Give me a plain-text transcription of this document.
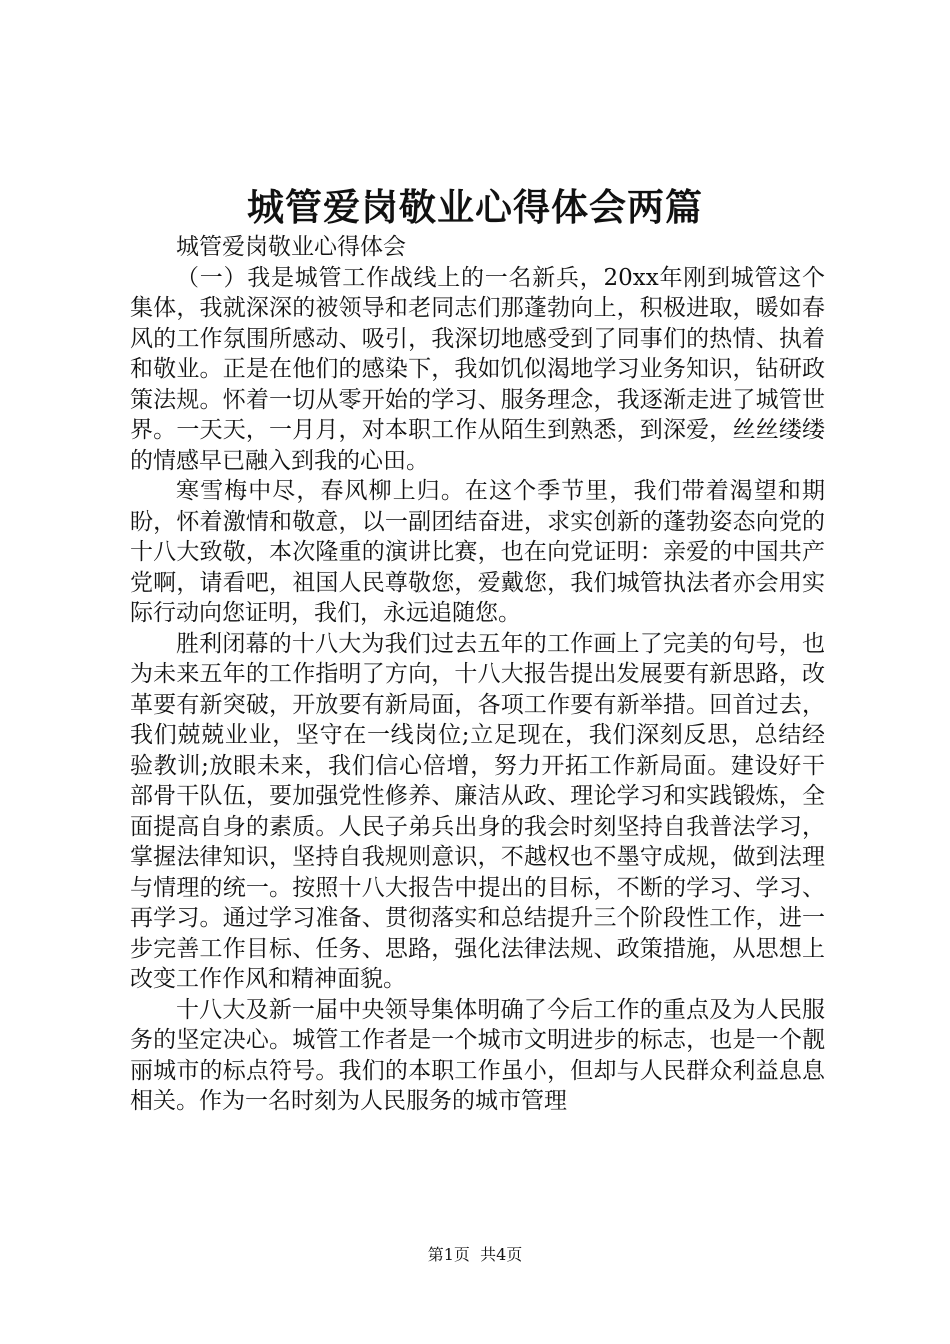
城管爱岗敬业心得体会两篇

城管爱岗敬业心得体会

（一）我是城管工作战线上的一名新兵，20xx年刚到城管这个集体，我就深深的被领导和老同志们那蓬勃向上，积极进取，暖如春风的工作氛围所感动、吸引，我深切地感受到了同事们的热情、执着和敬业。正是在他们的感染下，我如饥似渴地学习业务知识，钻研政策法规。怀着一切从零开始的学习、服务理念，我逐渐走进了城管世界。一天天，一月月，对本职工作从陌生到熟悉，到深爱，丝丝缕缕的情感早已融入到我的心田。

寒雪梅中尽，春风柳上归。在这个季节里，我们带着渴望和期盼，怀着激情和敬意，以一副团结奋进，求实创新的蓬勃姿态向党的十八大致敬，本次隆重的演讲比赛，也在向党证明：亲爱的中国共产党啊，请看吧，祖国人民尊敬您，爱戴您，我们城管执法者亦会用实际行动向您证明，我们，永远追随您。

胜利闭幕的十八大为我们过去五年的工作画上了完美的句号，也为未来五年的工作指明了方向，十八大报告提出发展要有新思路，改革要有新突破，开放要有新局面，各项工作要有新举措。回首过去，我们兢兢业业，坚守在一线岗位;立足现在，我们深刻反思，总结经验教训;放眼未来，我们信心倍增，努力开拓工作新局面。建设好干部骨干队伍，要加强党性修养、廉洁从政、理论学习和实践锻炼，全面提高自身的素质。人民子弟兵出身的我会时刻坚持自我普法学习，掌握法律知识，坚持自我规则意识，不越权也不墨守成规，做到法理与情理的统一。按照十八大报告中提出的目标，不断的学习、学习、再学习。通过学习准备、贯彻落实和总结提升三个阶段性工作，进一步完善工作目标、任务、思路，强化法律法规、政策措施，从思想上改变工作作风和精神面貌。

十八大及新一届中央领导集体明确了今后工作的重点及为人民服务的坚定决心。城管工作者是一个城市文明进步的标志，也是一个靓丽城市的标点符号。我们的本职工作虽小，但却与人民群众利益息息相关。作为一名时刻为人民服务的城市管理

第1页  共4页
